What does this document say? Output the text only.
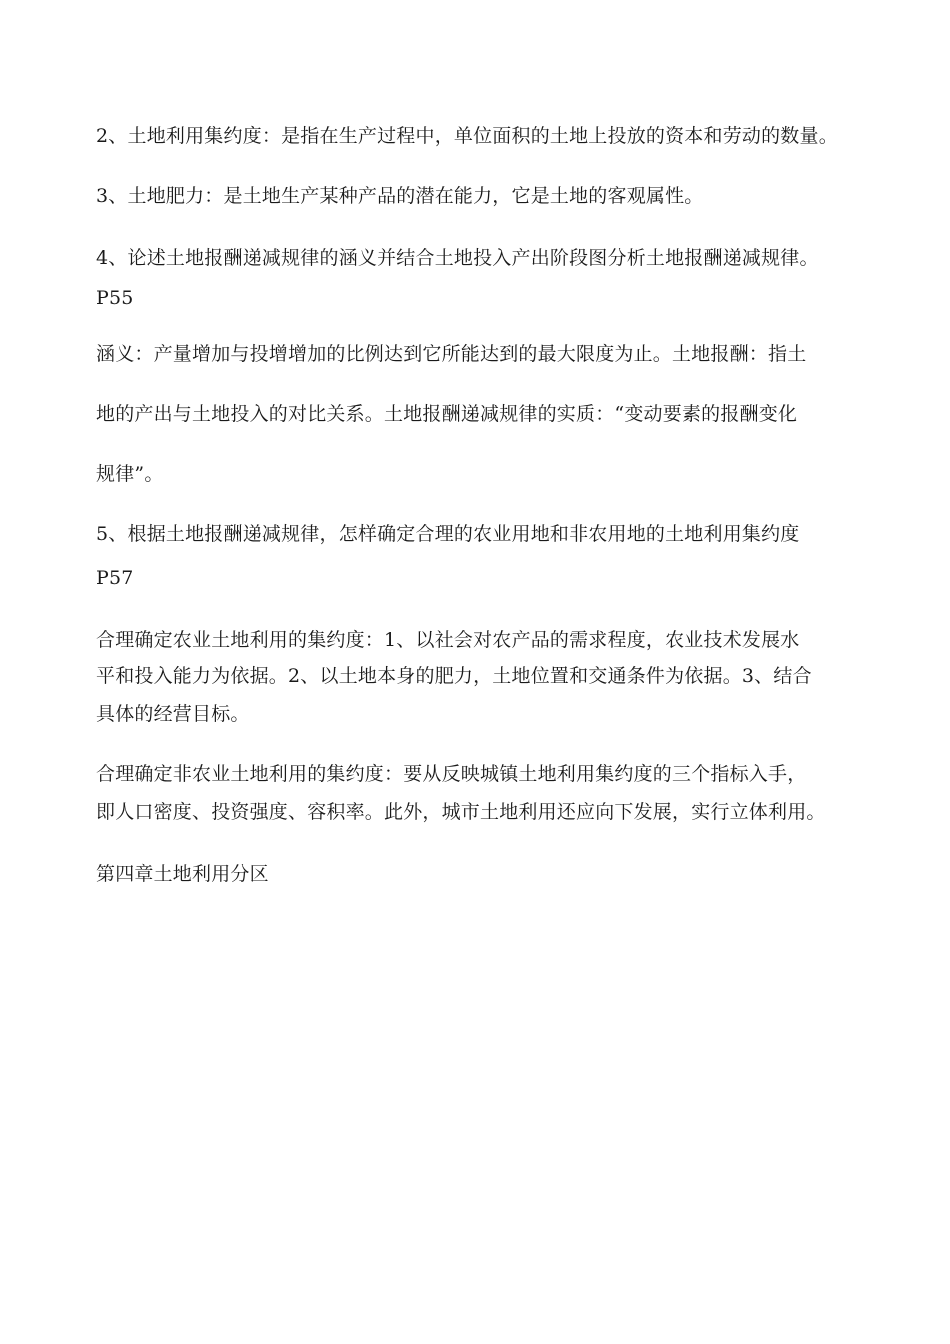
2、土地利用集约度：是指在生产过程中，单位面积的土地上投放的资本和劳动的数量。
3、土地肥力：是土地生产某种产品的潜在能力，它是土地的客观属性。
4、论述土地报酬递减规律的涵义并结合土地投入产出阶段图分析土地报酬递减规律。
P55
涵义：产量增加与投增增加的比例达到它所能达到的最大限度为止。土地报酬：指土
地的产出与土地投入的对比关系。土地报酬递减规律的实质：“变动要素的报酬变化
规律”。
5、根据土地报酬递减规律，怎样确定合理的农业用地和非农用地的土地利用集约度
P57
合理确定农业土地利用的集约度：1、以社会对农产品的需求程度，农业技术发展水
平和投入能力为依据。2、以土地本身的肥力，土地位置和交通条件为依据。3、结合
具体的经营目标。
合理确定非农业土地利用的集约度：要从反映城镇土地利用集约度的三个指标入手，
即人口密度、投资强度、容积率。此外，城市土地利用还应向下发展，实行立体利用。
第四章土地利用分区
